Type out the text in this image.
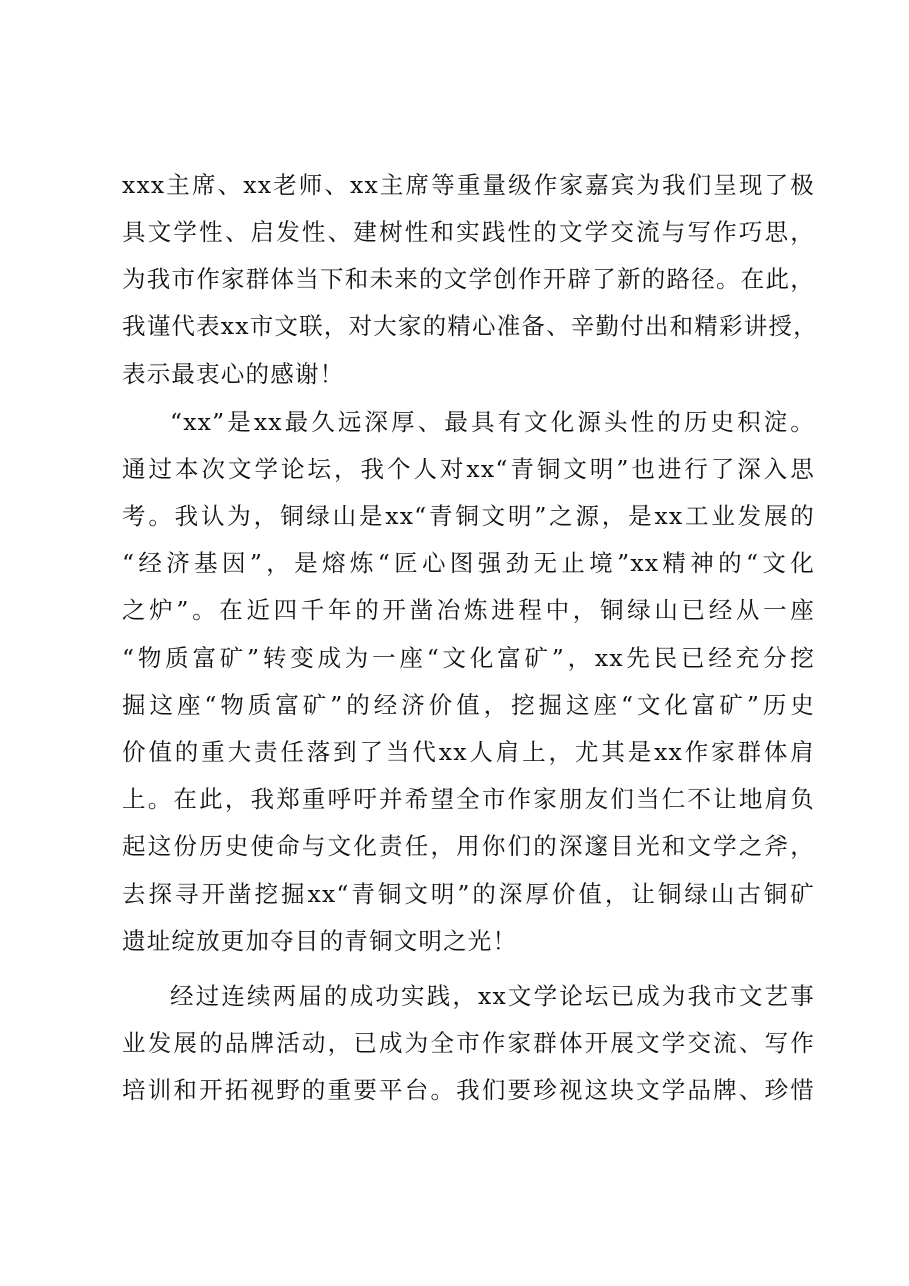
xxx主席、xx老师、xx主席等重量级作家嘉宾为我们呈现了极

具文学性、启发性、建树性和实践性的文学交流与写作巧思，

为我市作家群体当下和未来的文学创作开辟了新的路径。在此，

我谨代表xx市文联，对大家的精心准备、辛勤付出和精彩讲授，

表示最衷心的感谢！

“xx”是xx最久远深厚、最具有文化源头性的历史积淀。

通过本次文学论坛，我个人对xx“青铜文明”也进行了深入思

考。我认为，铜绿山是xx“青铜文明”之源，是xx工业发展的

“经济基因”，是熔炼“匠心图强劲无止境”xx精神的“文化

之炉”。在近四千年的开凿冶炼进程中，铜绿山已经从一座

“物质富矿”转变成为一座“文化富矿”，xx先民已经充分挖

掘这座“物质富矿”的经济价值，挖掘这座“文化富矿”历史

价值的重大责任落到了当代xx人肩上，尤其是xx作家群体肩

上。在此，我郑重呼吁并希望全市作家朋友们当仁不让地肩负

起这份历史使命与文化责任，用你们的深邃目光和文学之斧，

去探寻开凿挖掘xx“青铜文明”的深厚价值，让铜绿山古铜矿

遗址绽放更加夺目的青铜文明之光！

经过连续两届的成功实践，xx文学论坛已成为我市文艺事

业发展的品牌活动，已成为全市作家群体开展文学交流、写作

培训和开拓视野的重要平台。我们要珍视这块文学品牌、珍惜
